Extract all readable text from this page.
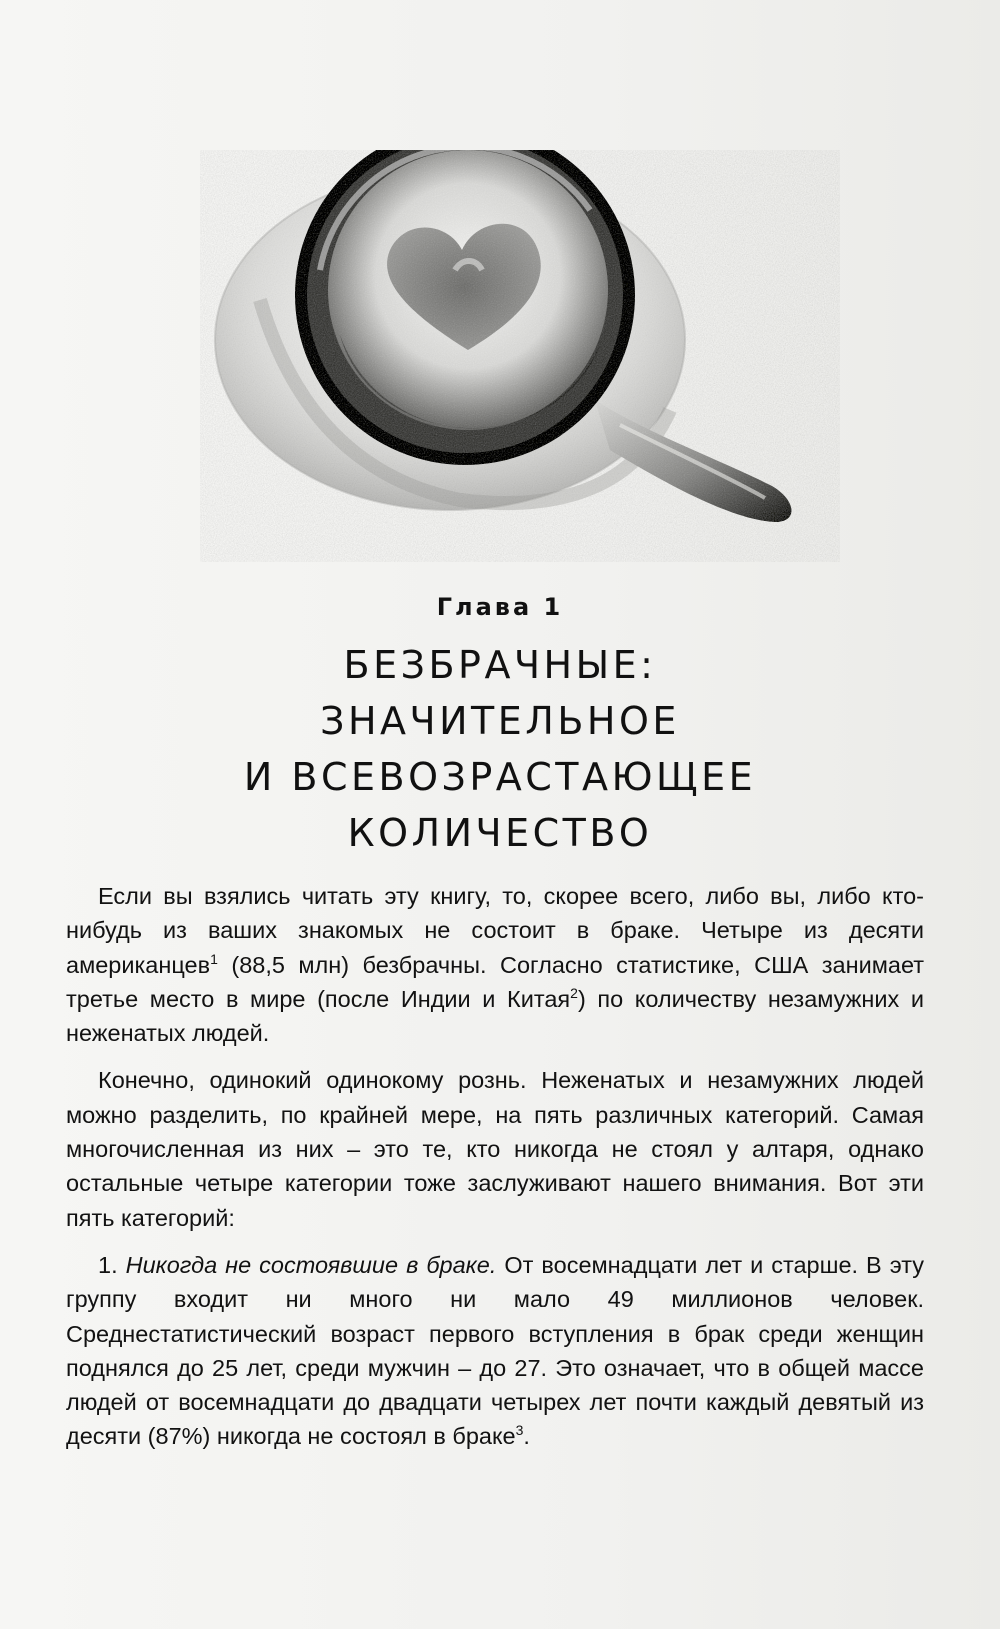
Глава 1
БЕЗБРАЧНЫЕ:
ЗНАЧИТЕЛЬНОЕ
И ВСЕВОЗРАСТАЮЩЕЕ
КОЛИЧЕСТВО

Если вы взялись читать эту книгу, то, скорее всего, либо вы, либо кто-нибудь из ваших знакомых не состоит в браке. Четыре из десяти американцев$^1$ (88,5 млн) безбрачны. Согласно статистике, США занимает третье место в мире (после Индии и Китая$^2$) по количеству незамужних и неженатых людей.

Конечно, одинокий одинокому рознь. Неженатых и незамужних людей можно разделить, по крайней мере, на пять различных категорий. Самая многочисленная из них – это те, кто никогда не стоял у алтаря, однако остальные четыре категории тоже заслуживают нашего внимания. Вот эти пять категорий:

1. Никогда не состоявшие в браке. От восемнадцати лет и старше. В эту группу входит ни много ни мало 49 миллионов человек. Среднестатистический возраст первого вступления в брак среди женщин поднялся до 25 лет, среди мужчин – до 27. Это означает, что в общей массе людей от восемнадцати до двадцати четырех лет почти каждый девятый из десяти (87%) никогда не состоял в браке$^3$.
